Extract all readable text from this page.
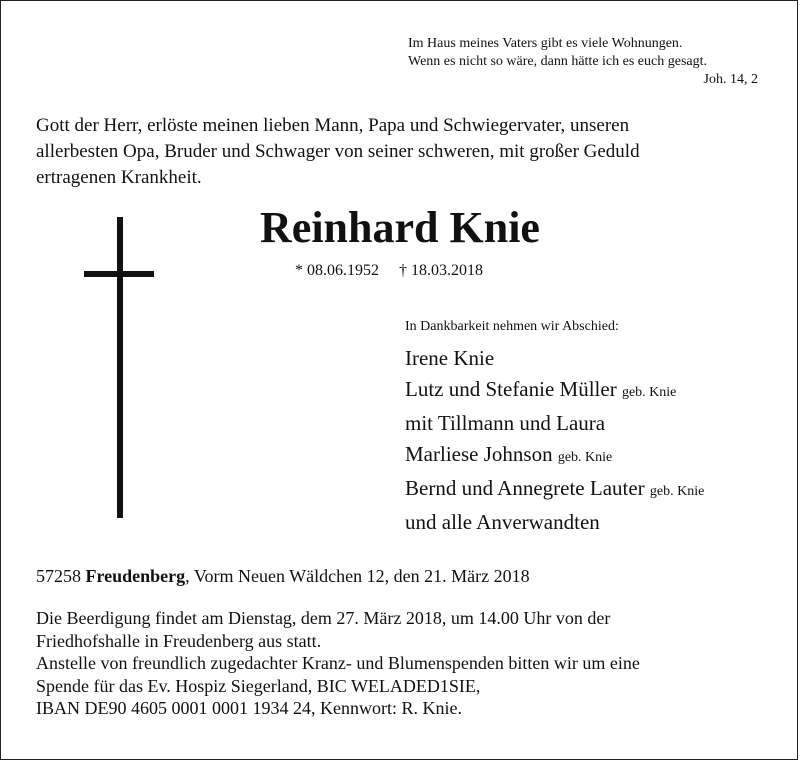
Im Haus meines Vaters gibt es viele Wohnungen.
Wenn es nicht so wäre, dann hätte ich es euch gesagt.
Joh. 14, 2
Gott der Herr, erlöste meinen lieben Mann, Papa und Schwiegervater, unseren
allerbesten Opa, Bruder und Schwager von seiner schweren, mit großer Geduld
ertragenen Krankheit.
Reinhard Knie
* 08.06.1952 † 18.03.2018
In Dankbarkeit nehmen wir Abschied:
Irene Knie
Lutz und Stefanie Müller geb. Knie
mit Tillmann und Laura
Marliese Johnson geb. Knie
Bernd und Annegrete Lauter geb. Knie
und alle Anverwandten
57258 Freudenberg, Vorm Neuen Wäldchen 12, den 21. März 2018

Die Beerdigung findet am Dienstag, dem 27. März 2018, um 14.00 Uhr von der

Friedhofshalle in Freudenberg aus statt.

Anstelle von freundlich zugedachter Kranz- und Blumenspenden bitten wir um eine

Spende für das Ev. Hospiz Siegerland, BIC WELADED1SIE,

IBAN DE90 4605 0001 0001 1934 24, Kennwort: R. Knie.
